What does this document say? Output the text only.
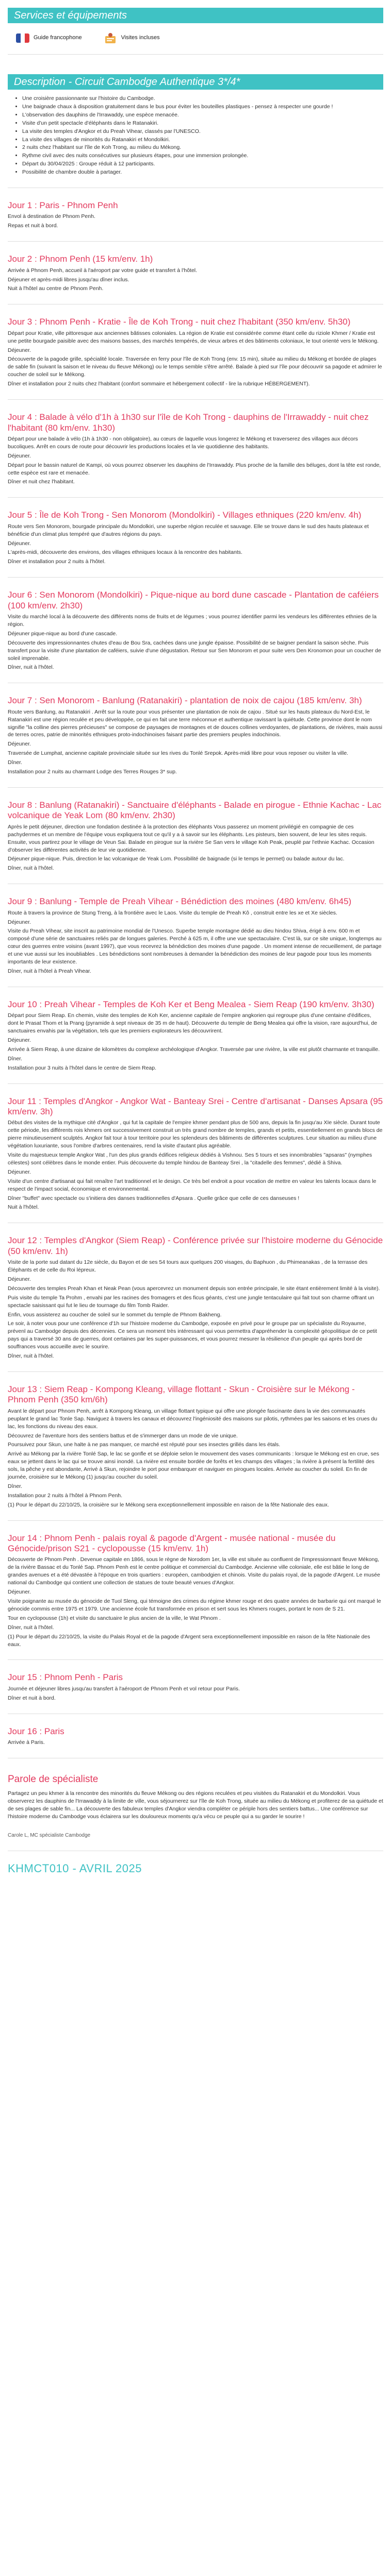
Services et équipements
Guide francophone	Visites incluses
Description - Circuit Cambodge Authentique 3*/4*
• Une croisière passionnante sur l'histoire du Cambodge.
• Une baignade chaux à disposition gratuitement dans le bus pour éviter les bouteilles plastiques - pensez à respecter une gourde !
• L'observation des dauphins de l'Irrawaddy, une espèce menacée.
• Visite d'un petit spectacle d'éléphants dans le Ratanakiri.
• La visite des temples d'Angkor et du Preah Vihear, classés par l'UNESCO.
• La visite des villages de minorités du Ratanakiri et Mondolkiri.
• 2 nuits chez l'habitant sur l'île de Koh Trong, au milieu du Mékong.
• Rythme civil avec des nuits consécutives sur plusieurs étapes, pour une immersion prolongée.
• Départ du 30/04/2025 : Groupe réduit à 12 participants.
• Possibilité de chambre double à partager.
Jour 1 : Paris - Phnom Penh

Envol à destination de Phnom Penh.

Repas et nuit à bord.

Jour 2 : Phnom Penh (15 km/env. 1h)

Arrivée à Phnom Penh, accueil à l'aéroport par votre guide et transfert à l'hôtel.

Déjeuner et après-midi libres jusqu'au dîner inclus.

Nuit à l'hôtel au centre de Phnom Penh.

Jour 3 : Phnom Penh - Kratie - Île de Koh Trong - nuit chez l'habitant (350 km/env. 5h30)

Départ pour Kratie, ville pittoresque aux anciennes bâtisses coloniales. La région de Kratie est considérée comme étant celle du riziole Khmer / Kratie est une petite bourgade paisible avec des maisons basses, des marchés tempérés, de vieux arbres et des bâtiments coloniaux, le tout orienté vers le Mékong.

Déjeuner.

Découverte de la pagode grille, spécialité locale. Traversée en ferry pour l'île de Koh Trong (env. 15 min), située au milieu du Mékong et bordée de plages de sable fin (suivant la saison et le niveau du fleuve Mékong) ou le temps semble s'être arrêté. Balade à pied sur l'île pour découvrir sa pagode et admirer le coucher de soleil sur le Mékong.

Dîner et installation pour 2 nuits chez l'habitant (confort sommaire et hébergement collectif - lire la rubrique HÉBERGEMENT).

Jour 4 : Balade à vélo d'1h à 1h30 sur l'île de Koh Trong - dauphins de l'Irrawaddy - nuit chez l'habitant (80 km/env. 1h30)

Départ pour une balade à vélo (1h à 1h30 - non obligatoire), au cœurs de laquelle vous longerez le Mékong et traverserez des villages aux décors bucoliques. Arrêt en cours de route pour découvrir les productions locales et la vie quotidienne des habitants.

Déjeuner.

Départ pour le bassin naturel de Kampi, où vous pourrez observer les dauphins de l'Irrawaddy. Plus proche de la famille des béluges, dont la tête est ronde, cette espèce est rare et menacée.

Dîner et nuit chez l'habitant.

Jour 5 : Île de Koh Trong - Sen Monorom (Mondolkiri) - Villages ethniques (220 km/env. 4h)

Route vers Sen Monorom, bourgade principale du Mondolkiri, une superbe région reculée et sauvage. Elle se trouve dans le sud des hauts plateaux et bénéficie d'un climat plus tempéré que d'autres régions du pays.

Déjeuner.

L'après-midi, découverte des environs, des villages ethniques locaux à la rencontre des habitants.

Dîner et installation pour 2 nuits à l'hôtel.

Jour 6 : Sen Monorom (Mondolkiri) - Pique-nique au bord dune cascade - Plantation de caféiers (100 km/env. 2h30)

Visite du marché local à la découverte des différents noms de fruits et de légumes ; vous pourrez identifier parmi les vendeurs les différentes ethnies de la région.

Déjeuner pique-nique au bord d'une cascade.

Découverte des impressionnantes chutes d'eau de Bou Sra, cachées dans une jungle épaisse. Possibilité de se baigner pendant la saison sèche. Puis transfert pour la visite d'une plantation de caféiers, suivie d'une dégustation. Retour sur Sen Monorom et pour suite vers Den Kronomon pour un coucher de soleil imprenable.

Dîner, nuit à l'hôtel.

Jour 7 : Sen Monorom - Banlung (Ratanakiri) - plantation de noix de cajou (185 km/env. 3h)

Route vers Banlung, au Ratanakiri . Arrêt sur la route pour vous présenter une plantation de noix de cajou . Situé sur les hauts plateaux du Nord-Est, le Ratanakiri est une région reculée et peu développée, ce qui en fait une terre méconnue et authentique ravissant la quiétude. Cette province dont le nom signifie "la colline des pierres précieuses" se compose de paysages de montagnes et de douces collines verdoyantes, de plantations, de rivières, mais aussi de terres ocres, patrie de minorités ethniques proto-indochinoises faisant partie des premiers peuples indochinois.

Déjeuner.

Traversée de Lumphat, ancienne capitale provinciale située sur les rives du Tonlé Srepok. Après-midi libre pour vous reposer ou visiter la ville.

Dîner.

Installation pour 2 nuits au charmant Lodge des Terres Rouges 3* sup.

Jour 8 : Banlung (Ratanakiri) - Sanctuaire d'éléphants - Balade en pirogue - Ethnie Kachac - Lac volcanique de Yeak Lom (80 km/env. 2h30)

Après le petit déjeuner, direction une fondation destinée à la protection des éléphants Vous passerez un moment privilégié en compagnie de ces pachydermes et un membre de l'équipe vous expliquera tout ce qu'il y a à savoir sur les éléphants. Les pisteurs, bien souvent, de leur les sites requis. Ensuite, vous partirez pour le village de Veun Sai. Balade en pirogue sur la rivière Se San vers le village Koh Peak, peuplé par l'ethnie Kachac. Occasion d'observer les différentes activités de leur vie quotidienne.

Déjeuner pique-nique. Puis, direction le lac volcanique de Yeak Lom. Possibilité de baignade (si le temps le permet) ou balade autour du lac.

Dîner, nuit à l'hôtel.

Jour 9 : Banlung - Temple de Preah Vihear - Bénédiction des moines (480 km/env. 6h45)

Route à travers la province de Stung Treng, à la frontière avec le Laos. Visite du temple de Preah Kô , construit entre les xe et Xe siècles.

Déjeuner.

Visite du Preah Vihear, site inscrit au patrimoine mondial de l'Unesco. Superbe temple montagne dédié au dieu hindou Shiva, érigé à env. 600 m et composé d'une série de sanctuaires reliés par de longues galeries. Perché à 625 m, il offre une vue spectaculaire. C'est là, sur ce site unique, longtemps au cœur des guerres entre voisins (avant 1997), que vous recevrez la bénédiction des moines d'une pagode . Un moment intense de recueillement, de partage et une vue aussi sur les inoubliables . Les bénédictions sont nombreuses à demander la bénédiction des moines de leur pagode pour tous les moments importants de leur existence.

Dîner, nuit à l'hôtel à Preah Vihear.

Jour 10 : Preah Vihear - Temples de Koh Ker et Beng Mealea - Siem Reap (190 km/env. 3h30)

Départ pour Siem Reap. En chemin, visite des temples de Koh Ker, ancienne capitale de l'empire angkorien qui regroupe plus d'une centaine d'édifices, dont le Prasat Thom et la Prang (pyramide à sept niveaux de 35 m de haut). Découverte du temple de Beng Mealea qui offre la vision, rare aujourd'hui, de sanctuaires envahis par la végétation, tels que les premiers explorateurs les découvrirent.

Déjeuner.

Arrivée à Siem Reap, à une dizaine de kilomètres du complexe archéologique d'Angkor. Traversée par une rivière, la ville est plutôt charmante et tranquille.

Dîner.

Installation pour 3 nuits à l'hôtel dans le centre de Siem Reap.

Jour 11 : Temples d'Angkor - Angkor Wat - Banteay Srei - Centre d'artisanat - Danses Apsara (95 km/env. 3h)

Début des visites de la mythique cité d'Angkor , qui fut la capitale de l'empire khmer pendant plus de 500 ans, depuis la fin jusqu'au XIe siècle. Durant toute cette période, les différents rois khmers ont successivement construit un très grand nombre de temples, grands et petits, essentiellement en grands blocs de pierre minutieusement sculptés. Angkor fait tour à tour territoire pour les splendeurs des bâtiments de différentes sculptures. Leur situation au milieu d'une végétation luxuriante, sous l'ombre d'arbres centenaires, rend la visite d'autant plus agréable.

Visite du majestueux temple Angkor Wat , l'un des plus grands édifices religieux dédiés à Vishnou. Ses 5 tours et ses innombrables "apsaras" (nymphes célestes) sont célèbres dans le monde entier. Puis découverte du temple hindou de Banteay Srei , la "citadelle des femmes", dédié à Shiva.

Déjeuner.

Visite d'un centre d'artisanat qui fait renaître l'art traditionnel et le design. Ce très bel endroit a pour vocation de mettre en valeur les talents locaux dans le respect de l'impact social, économique et environnemental.

Dîner "buffet" avec spectacle ou s'initiera des danses traditionnelles d'Apsara . Quelle grâce que celle de ces danseuses !

Nuit à l'hôtel.

Jour 12 : Temples d'Angkor (Siem Reap) - Conférence privée sur l'histoire moderne du Génocide (50 km/env. 1h)

Visite de la porte sud datant du 12e siècle, du Bayon et de ses 54 tours aux quelques 200 visages, du Baphuon , du Phimeanakas , de la terrasse des Éléphants et de celle du Roi lépreux.

Déjeuner.

Découverte des temples Preah Khan et Neak Pean (vous apercevrez un monument depuis son entrée principale, le site étant entièrement limité à la visite).

Puis visite du temple Ta Prohm , envahi par les racines des fromagers et des ficus géants, c'est une jungle tentaculaire qui fait tout son charme offrant un spectacle saisissant qui fut le lieu de tournage du film Tomb Raider.

Enfin, vous assisterez au coucher de soleil sur le sommet du temple de Phnom Bakheng.

Le soir, à noter vous pour une conférence d'1h sur l'histoire moderne du Cambodge, exposée en privé pour le groupe par un spécialiste du Royaume, prévenl au Cambodge depuis des décennies. Ce sera un moment très intéressant qui vous permettra d'appréhender la complexité géopolitique de ce petit pays qui a traversé 30 ans de guerres, dont certaines par les super-puissances, et vous pourrez mesurer la résilience d'un peuple qui après bord de souffrances vous accueille avec le sourire.

Dîner, nuit à l'hôtel.

Jour 13 : Siem Reap - Kompong Kleang, village flottant - Skun - Croisière sur le Mékong - Phnom Penh (350 km/6h)

Avant le départ pour Phnom Penh, arrêt à Kompong Kleang, un village flottant typique qui offre une plongée fascinante dans la vie des communautés peuplant le grand lac Tonle Sap. Naviguez à travers les canaux et découvrez l'ingéniosité des maisons sur pilotis, rythmées par les saisons et les crues du lac, les fonctions du niveau des eaux.

Découvrez de l'aventure hors des sentiers battus et de s'immerger dans un mode de vie unique.

Poursuivez pour Skun, une halte à ne pas manquer, ce marché est réputé pour ses insectes grillés dans les étals.

Arrivé au Mékong par la rivière Tonlé Sap, le lac se gonfle et se déploie selon le mouvement des vases communicants : lorsque le Mékong est en crue, ses eaux se jettent dans le lac qui se trouve ainsi inondé. La rivière est ensuite bordée de forêts et les champs des villages ; la rivière à présent la fertilité des sols, la pêche y est abondante, Arrivé à Skun, rejoindre le port pour embarquer et naviguer en pirogues locales. Arrivée au coucher du soleil. En fin de journée, croisière sur le Mékong (1) jusqu'au coucher du soleil.

Dîner.

Installation pour 2 nuits à l'hôtel à Phnom Penh.

(1) Pour le départ du 22/10/25, la croisière sur le Mékong sera exceptionnellement impossible en raison de la fête Nationale des eaux.

Jour 14 : Phnom Penh - palais royal & pagode d'Argent - musée national - musée du Génocide/prison S21 - cyclopousse (15 km/env. 1h)

Découverte de Phnom Penh . Devenue capitale en 1866, sous le règne de Norodom 1er, la ville est située au confluent de l'impressionnant fleuve Mékong, de la rivière Bassac et du Tonlé Sap. Phnom Penh est le centre politique et commercial du Cambodge. Ancienne ville coloniale, elle est bâtie le long de grandes avenues et a été dévastée à l'époque en trois quartiers : européen, cambodgien et chinois. Visite du palais royal, de la pagode d'Argent. Le musée national du Cambodge qui contient une collection de statues de toute beauté venues d'Angkor.

Déjeuner.

Visite poignante au musée du génocide de Tuol Sleng, qui témoigne des crimes du régime khmer rouge et des quatre années de barbarie qui ont marqué le génocide commis entre 1975 et 1979. Une ancienne école fut transformée en prison et sert sous les Khmers rouges, portant le nom de S 21.

Tour en cyclopousse (1h) et visite du sanctuaire le plus ancien de la ville, le Wat Phnom .

Dîner, nuit à l'hôtel.

(1) Pour le départ du 22/10/25, la visite du Palais Royal et de la pagode d'Argent sera exceptionnellement impossible en raison de la fête Nationale des eaux.

Jour 15 : Phnom Penh - Paris

Journée et déjeuner libres jusqu'au transfert à l'aéroport de Phnom Penh et vol retour pour Paris.

Dîner et nuit à bord.

Jour 16 : Paris

Arrivée à Paris.

Parole de spécialiste

Partagez un peu khmer à la rencontre des minorités du fleuve Mékong ou des régions reculées et peu visitées du Ratanakiri et du Mondolkiri. Vous observerez les dauphins de l'Irrawaddy à la limite de ville, vous séjournerez sur l'île de Koh Trong, située au milieu du Mékong et profiterez de sa quiétude et de ses plages de sable fin... La découverte des fabuleux temples d'Angkor viendra compléter ce périple hors des sentiers battus... Une conférence sur l'histoire moderne du Cambodge vous éclairera sur les douloureux moments qu'a vécu ce peuple qui a su garder le sourire !

Carole L, MC spécialiste Cambodge
KHMCT010 - AVRIL 2025
